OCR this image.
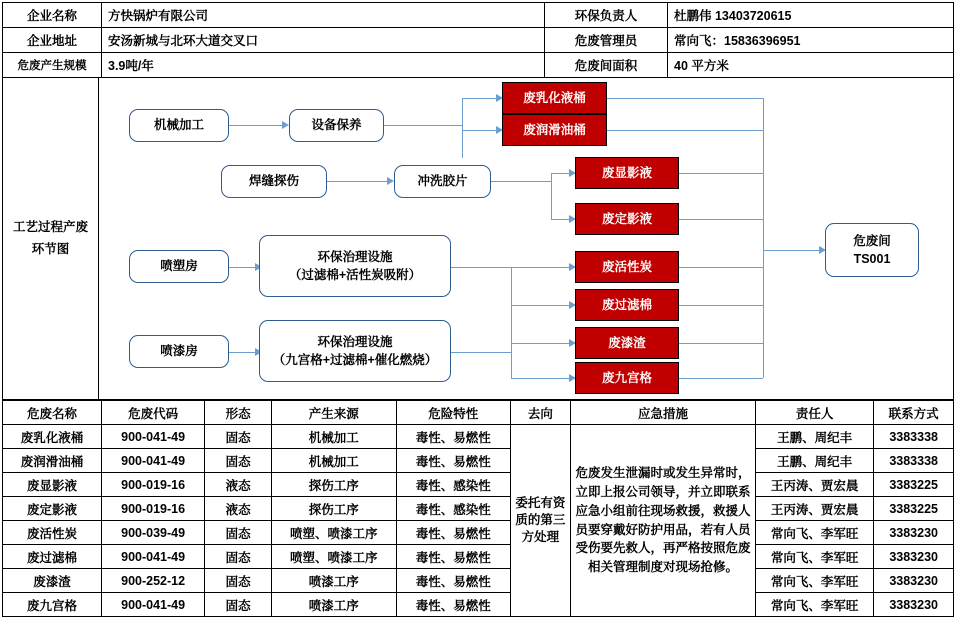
企业名称	方快锅炉有限公司	环保负责人	杜鹏伟 13403720615
企业地址	安汤新城与北环大道交叉口	危废管理员	常向飞：15836396951
危废产生规模	3.9吨/年	危废间面积	40 平方米
工艺过程产废
环节图
机械加工	设备保养
废乳化液桶
废润滑油桶
焊缝探伤	冲洗胶片
废显影液
废定影液
喷塑房
环保治理设施
（过滤棉+活性炭吸附）
喷漆房
环保治理设施
（九宫格+过滤棉+催化燃烧）
废活性炭
废过滤棉
废漆渣
废九宫格
危废间
TS001
危废名称	危废代码	形态	产生来源	危险特性	去向	应急措施	责任人	联系方式
废乳化液桶	900-041-49	固态	机械加工	毒性、易燃性	委托有资质的第三方处理	危废发生泄漏时或发生异常时，立即上报公司领导，并立即联系应急小组前往现场救援，救援人员要穿戴好防护用品，若有人员受伤要先救人，再严格按照危废相关管理制度对现场抢修。	王鹏、周纪丰	3383338
废润滑油桶	900-041-49	固态	机械加工	毒性、易燃性			王鹏、周纪丰	3383338
废显影液	900-019-16	液态	探伤工序	毒性、感染性			王丙涛、贾宏晨	3383225
废定影液	900-019-16	液态	探伤工序	毒性、感染性			王丙涛、贾宏晨	3383225
废活性炭	900-039-49	固态	喷塑、喷漆工序	毒性、易燃性			常向飞、李军旺	3383230
废过滤棉	900-041-49	固态	喷塑、喷漆工序	毒性、易燃性			常向飞、李军旺	3383230
废漆渣	900-252-12	固态	喷漆工序	毒性、易燃性			常向飞、李军旺	3383230
废九宫格	900-041-49	固态	喷漆工序	毒性、易燃性			常向飞、李军旺	3383230
